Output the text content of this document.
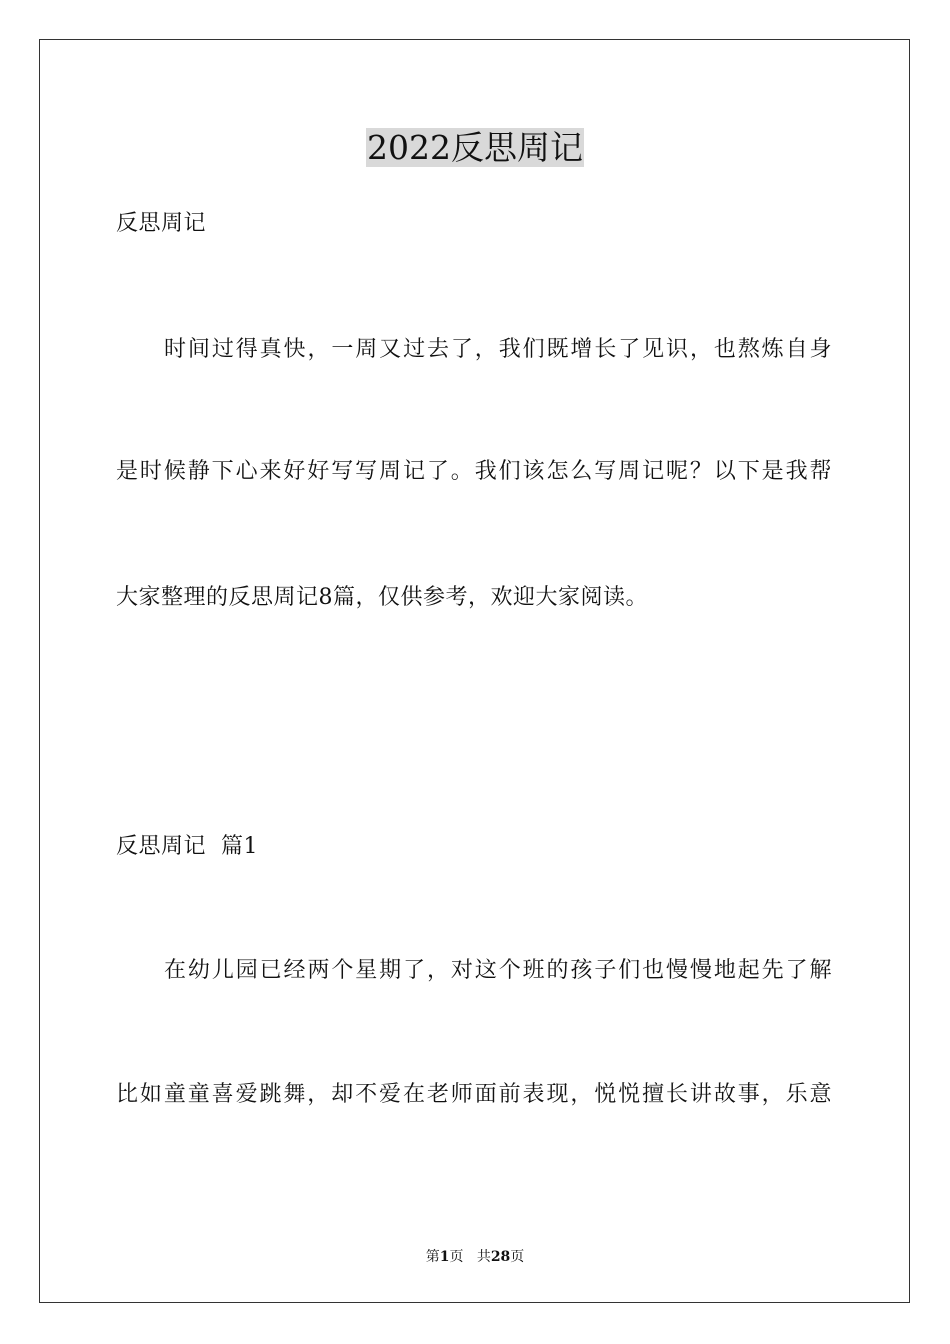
2022反思周记

反思周记

时间过得真快，一周又过去了，我们既增长了见识，也熬炼自身

是时候静下心来好好写写周记了。我们该怎么写周记呢？以下是我帮

大家整理的反思周记8篇，仅供参考，欢迎大家阅读。

反思周记  篇1

在幼儿园已经两个星期了，对这个班的孩子们也慢慢地起先了解

比如童童喜爱跳舞，却不爱在老师面前表现，悦悦擅长讲故事，乐意

第1页 共28页
